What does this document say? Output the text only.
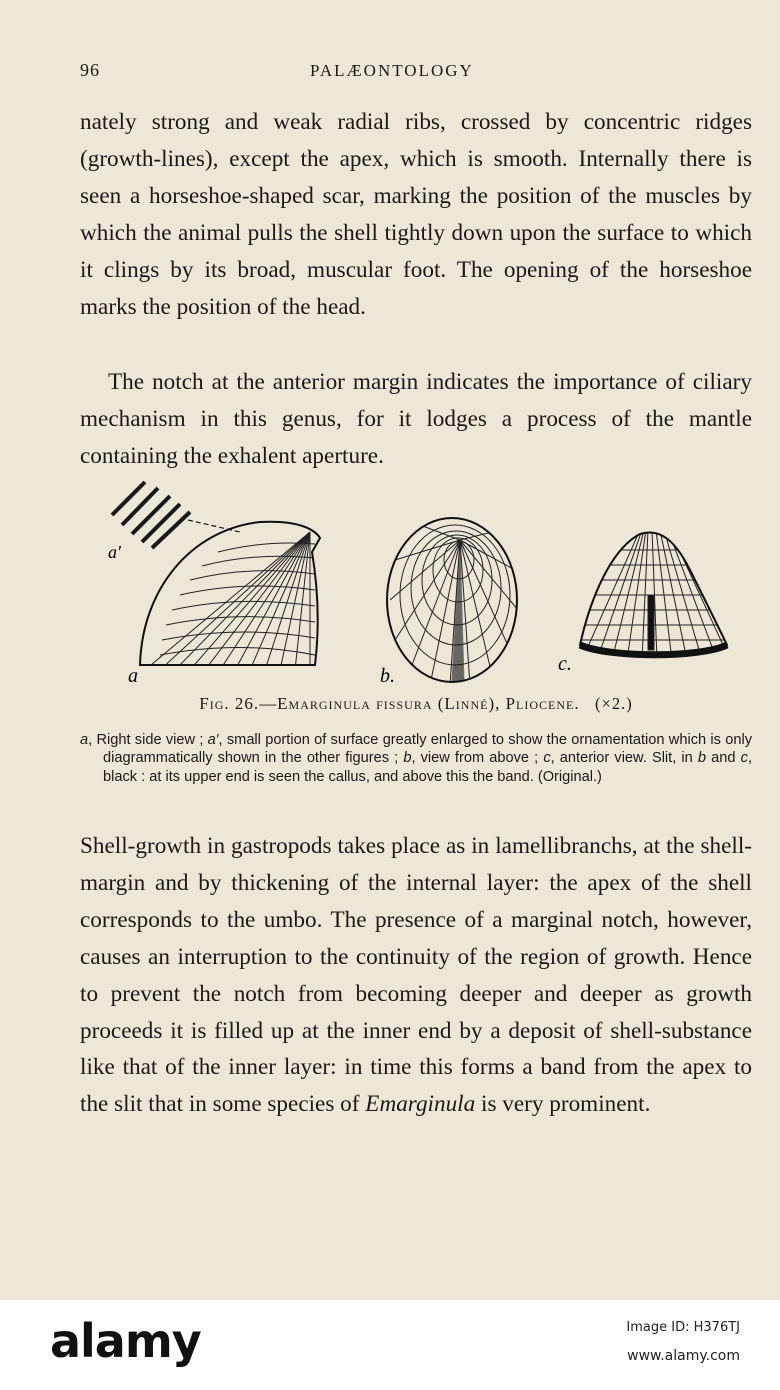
96	PALÆONTOLOGY

nately strong and weak radial ribs, crossed by concentric ridges (growth-lines), except the apex, which is smooth. Internally there is seen a horseshoe-shaped scar, marking the position of the muscles by which the animal pulls the shell tightly down upon the surface to which it clings by its broad, muscular foot. The opening of the horseshoe marks the position of the head.

The notch at the anterior margin indicates the importance of ciliary mechanism in this genus, for it lodges a process of the mantle containing the exhalent aperture.

a′
a	b.
c.
Fig. 26.—Emarginula fissura (Linné), Pliocene. (×2.)
a, Right side view ; a′, small portion of surface greatly enlarged to show the ornamentation which is only diagrammatically shown in the other figures ; b, view from above ; c, anterior view. Slit, in b and c, black : at its upper end is seen the callus, and above this the band. (Original.)

Shell-growth in gastropods takes place as in lamellibranchs, at the shell-margin and by thickening of the internal layer: the apex of the shell corresponds to the umbo. The presence of a marginal notch, however, causes an interruption to the continuity of the region of growth. Hence to prevent the notch from becoming deeper and deeper as growth proceeds it is filled up at the inner end by a deposit of shell-substance like that of the inner layer: in time this forms a band from the apex to the slit that in some species of Emarginula is very prominent.

alamy	Image ID: H376TJ
www.alamy.com
